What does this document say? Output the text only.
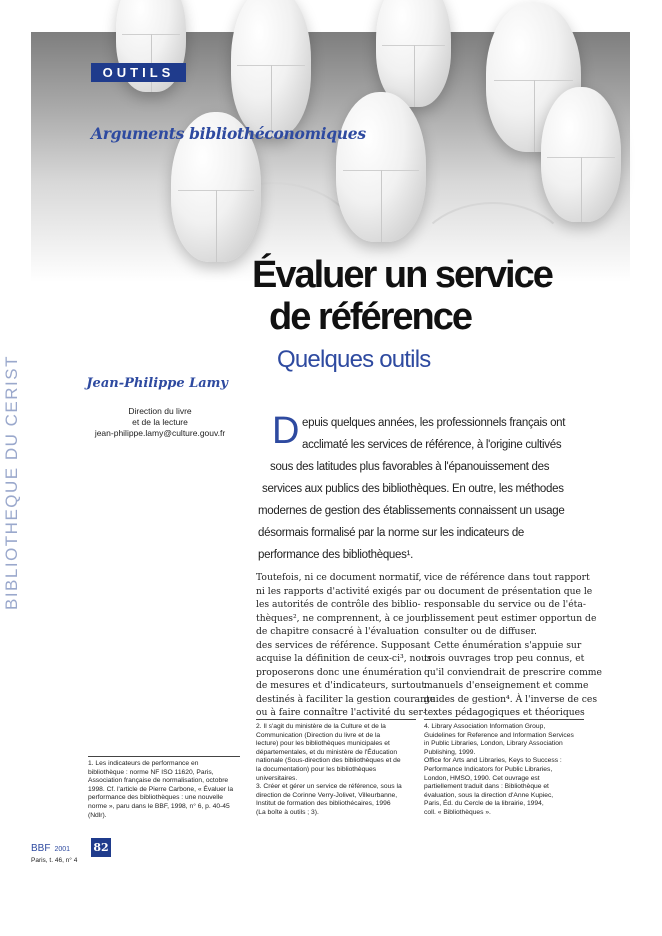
OUTILS
Arguments bibliothéconomiques
Évaluer un service
de référence
Quelques outils
BIBLIOTHEQUE DU CERIST	Jean-Philippe Lamy
Direction du livre
et de la lecture
jean-philippe.lamy@culture.gouv.fr	D epuis quelques années, les professionnels français ont
acclimaté les services de référence, à l'origine cultivés
sous des latitudes plus favorables à l'épanouissement des
services aux publics des bibliothèques. En outre, les méthodes
modernes de gestion des établissements connaissent un usage
désormais formalisé par la norme sur les indicateurs de
performance des bibliothèques¹.
Toutefois, ni ce document normatif,
ni les rapports d'activité exigés par
les autorités de contrôle des biblio-
thèques², ne comprennent, à ce jour,
de chapitre consacré à l'évaluation
des services de référence. Supposant
acquise la définition de ceux-ci³, nous
proposerons donc une énumération
de mesures et d'indicateurs, surtout
destinés à faciliter la gestion courante
ou à faire connaître l'activité du ser-
vice de référence dans tout rapport
ou document de présentation que le
responsable du service ou de l'éta-
blissement peut estimer opportun de
consulter ou de diffuser.
Cette énumération s'appuie sur
trois ouvrages trop peu connus, et
qu'il conviendrait de prescrire comme
manuels d'enseignement et comme
guides de gestion⁴. À l'inverse de ces
textes pédagogiques et théoriques
1. Les indicateurs de performance en
bibliothèque : norme NF ISO 11620, Paris,
Association française de normalisation, octobre
1998. Cf. l'article de Pierre Carbone, « Évaluer la
performance des bibliothèques : une nouvelle
norme », paru dans le BBF, 1998, n° 6, p. 40-45
(Ndlr).
2. Il s'agit du ministère de la Culture et de la
Communication (Direction du livre et de la
lecture) pour les bibliothèques municipales et
départementales, et du ministère de l'Éducation
nationale (Sous-direction des bibliothèques et de
la documentation) pour les bibliothèques
universitaires.
3. Créer et gérer un service de référence, sous la
direction de Corinne Verry-Jolivet, Villeurbanne,
Institut de formation des bibliothécaires, 1996
(La boîte à outils ; 3).
4. Library Association Information Group,
Guidelines for Reference and Information Services
in Public Libraries, London, Library Association
Publishing, 1999.
Office for Arts and Libraries, Keys to Success :
Performance Indicators for Public Libraries,
London, HMSO, 1990. Cet ouvrage est
partiellement traduit dans : Bibliothèque et
évaluation, sous la direction d'Anne Kupiec,
Paris, Éd. du Cercle de la librairie, 1994,
coll. « Bibliothèques ».
BBF 2001
Paris, t. 46, n° 4
82
